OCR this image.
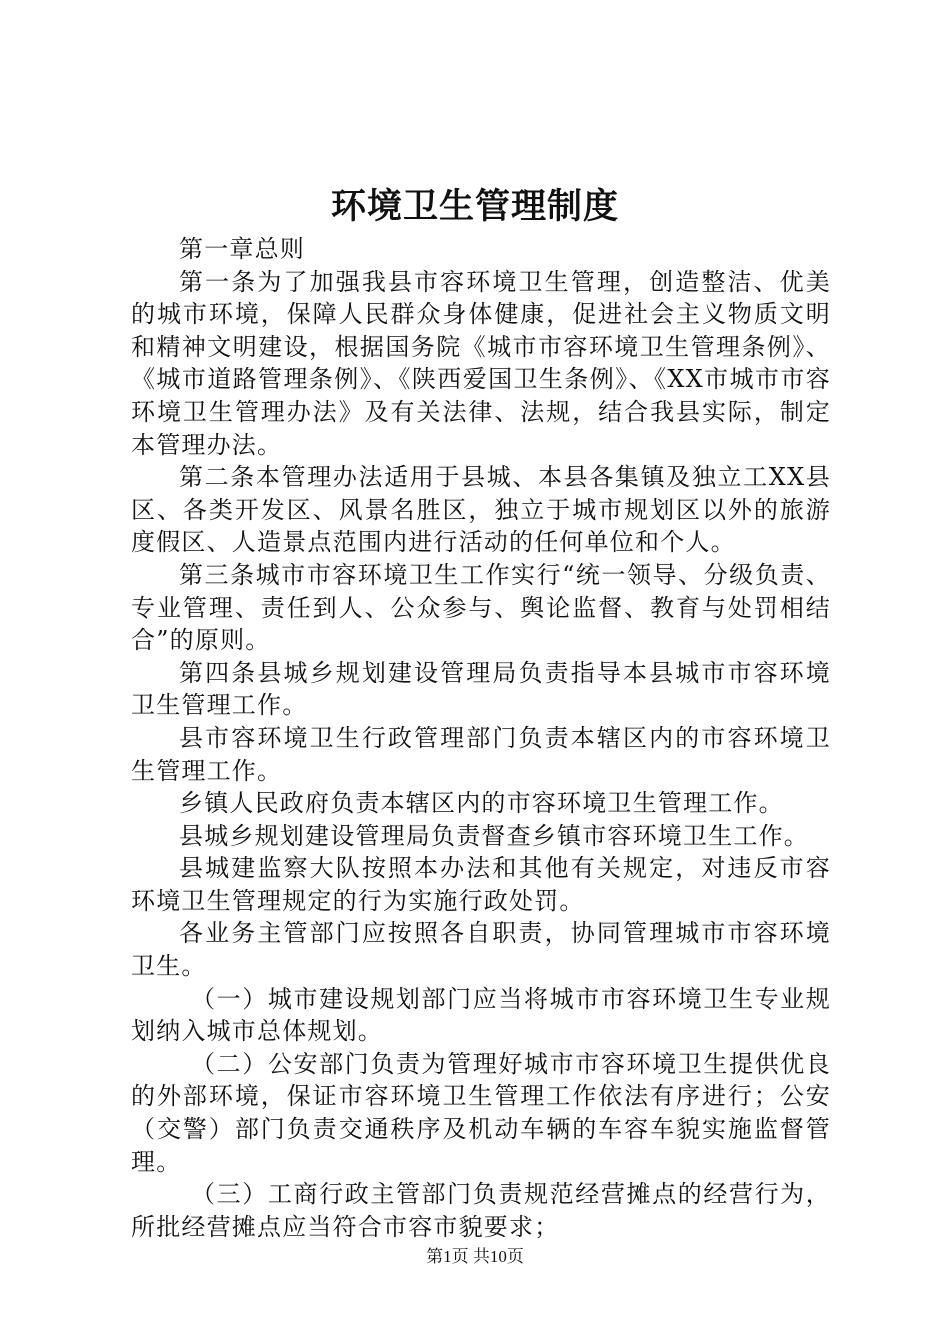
环境卫生管理制度

第一章总则

第一条为了加强我县市容环境卫生管理，创造整洁、优美的城市环境，保障人民群众身体健康，促进社会主义物质文明和精神文明建设，根据国务院《城市市容环境卫生管理条例》、《城市道路管理条例》、《陕西爱国卫生条例》、《XX市城市市容环境卫生管理办法》及有关法律、法规，结合我县实际，制定本管理办法。

第二条本管理办法适用于县城、本县各集镇及独立工XX县区、各类开发区、风景名胜区，独立于城市规划区以外的旅游度假区、人造景点范围内进行活动的任何单位和个人。

第三条城市市容环境卫生工作实行“统一领导、分级负责、专业管理、责任到人、公众参与、舆论监督、教育与处罚相结合”的原则。

第四条县城乡规划建设管理局负责指导本县城市市容环境卫生管理工作。

县市容环境卫生行政管理部门负责本辖区内的市容环境卫生管理工作。

乡镇人民政府负责本辖区内的市容环境卫生管理工作。

县城乡规划建设管理局负责督查乡镇市容环境卫生工作。

县城建监察大队按照本办法和其他有关规定，对违反市容环境卫生管理规定的行为实施行政处罚。

各业务主管部门应按照各自职责，协同管理城市市容环境卫生。

（一）城市建设规划部门应当将城市市容环境卫生专业规划纳入城市总体规划。

（二）公安部门负责为管理好城市市容环境卫生提供优良的外部环境，保证市容环境卫生管理工作依法有序进行；公安（交警）部门负责交通秩序及机动车辆的车容车貌实施监督管理。

（三）工商行政主管部门负责规范经营摊点的经营行为，所批经营摊点应当符合市容市貌要求；

第1页 共10页
